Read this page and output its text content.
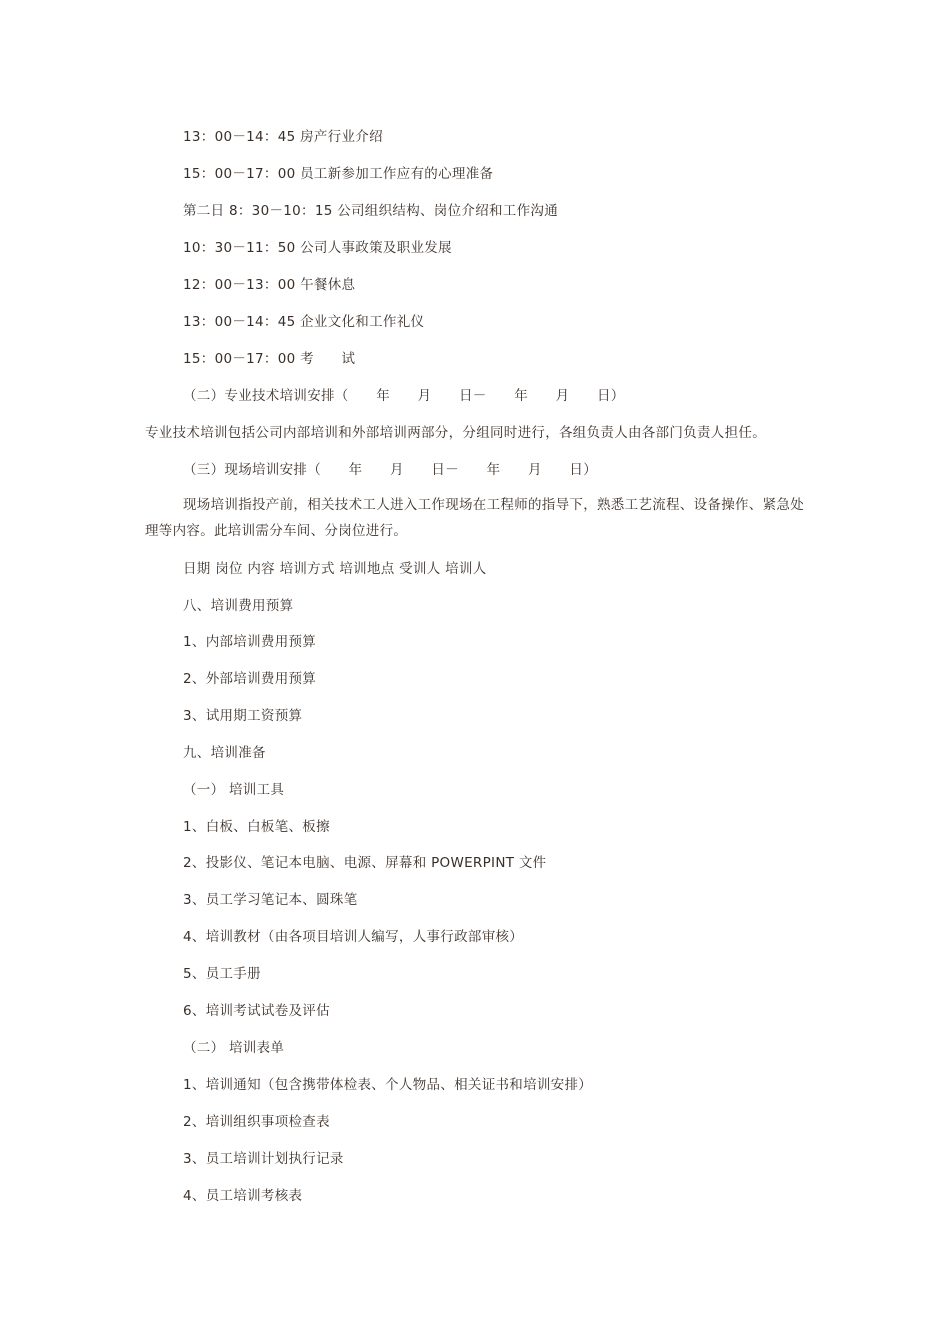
13：00－14：45 房产行业介绍
15：00－17：00 员工新参加工作应有的心理准备
第二日 8：30－10：15 公司组织结构、岗位介绍和工作沟通
10：30－11：50 公司人事政策及职业发展
12：00－13：00 午餐休息
13：00－14：45 企业文化和工作礼仪
15：00－17：00 考　　试
（二）专业技术培训安排（　　年　　月　　日－　　年　　月　　日）
专业技术培训包括公司内部培训和外部培训两部分，分组同时进行，各组负责人由各部门负责人担任。
（三）现场培训安排（　　年　　月　　日－　　年　　月　　日）
现场培训指投产前，相关技术工人进入工作现场在工程师的指导下，熟悉工艺流程、设备操作、紧急处理等内容。此培训需分车间、分岗位进行。
日期 岗位 内容 培训方式 培训地点 受训人 培训人
八、培训费用预算
1、内部培训费用预算
2、外部培训费用预算
3、试用期工资预算
九、培训准备
（一） 培训工具
1、白板、白板笔、板擦
2、投影仪、笔记本电脑、电源、屏幕和 POWERPINT 文件
3、员工学习笔记本、圆珠笔
4、培训教材（由各项目培训人编写，人事行政部审核）
5、员工手册
6、培训考试试卷及评估
（二） 培训表单
1、培训通知（包含携带体检表、个人物品、相关证书和培训安排）
2、培训组织事项检查表
3、员工培训计划执行记录
4、员工培训考核表
